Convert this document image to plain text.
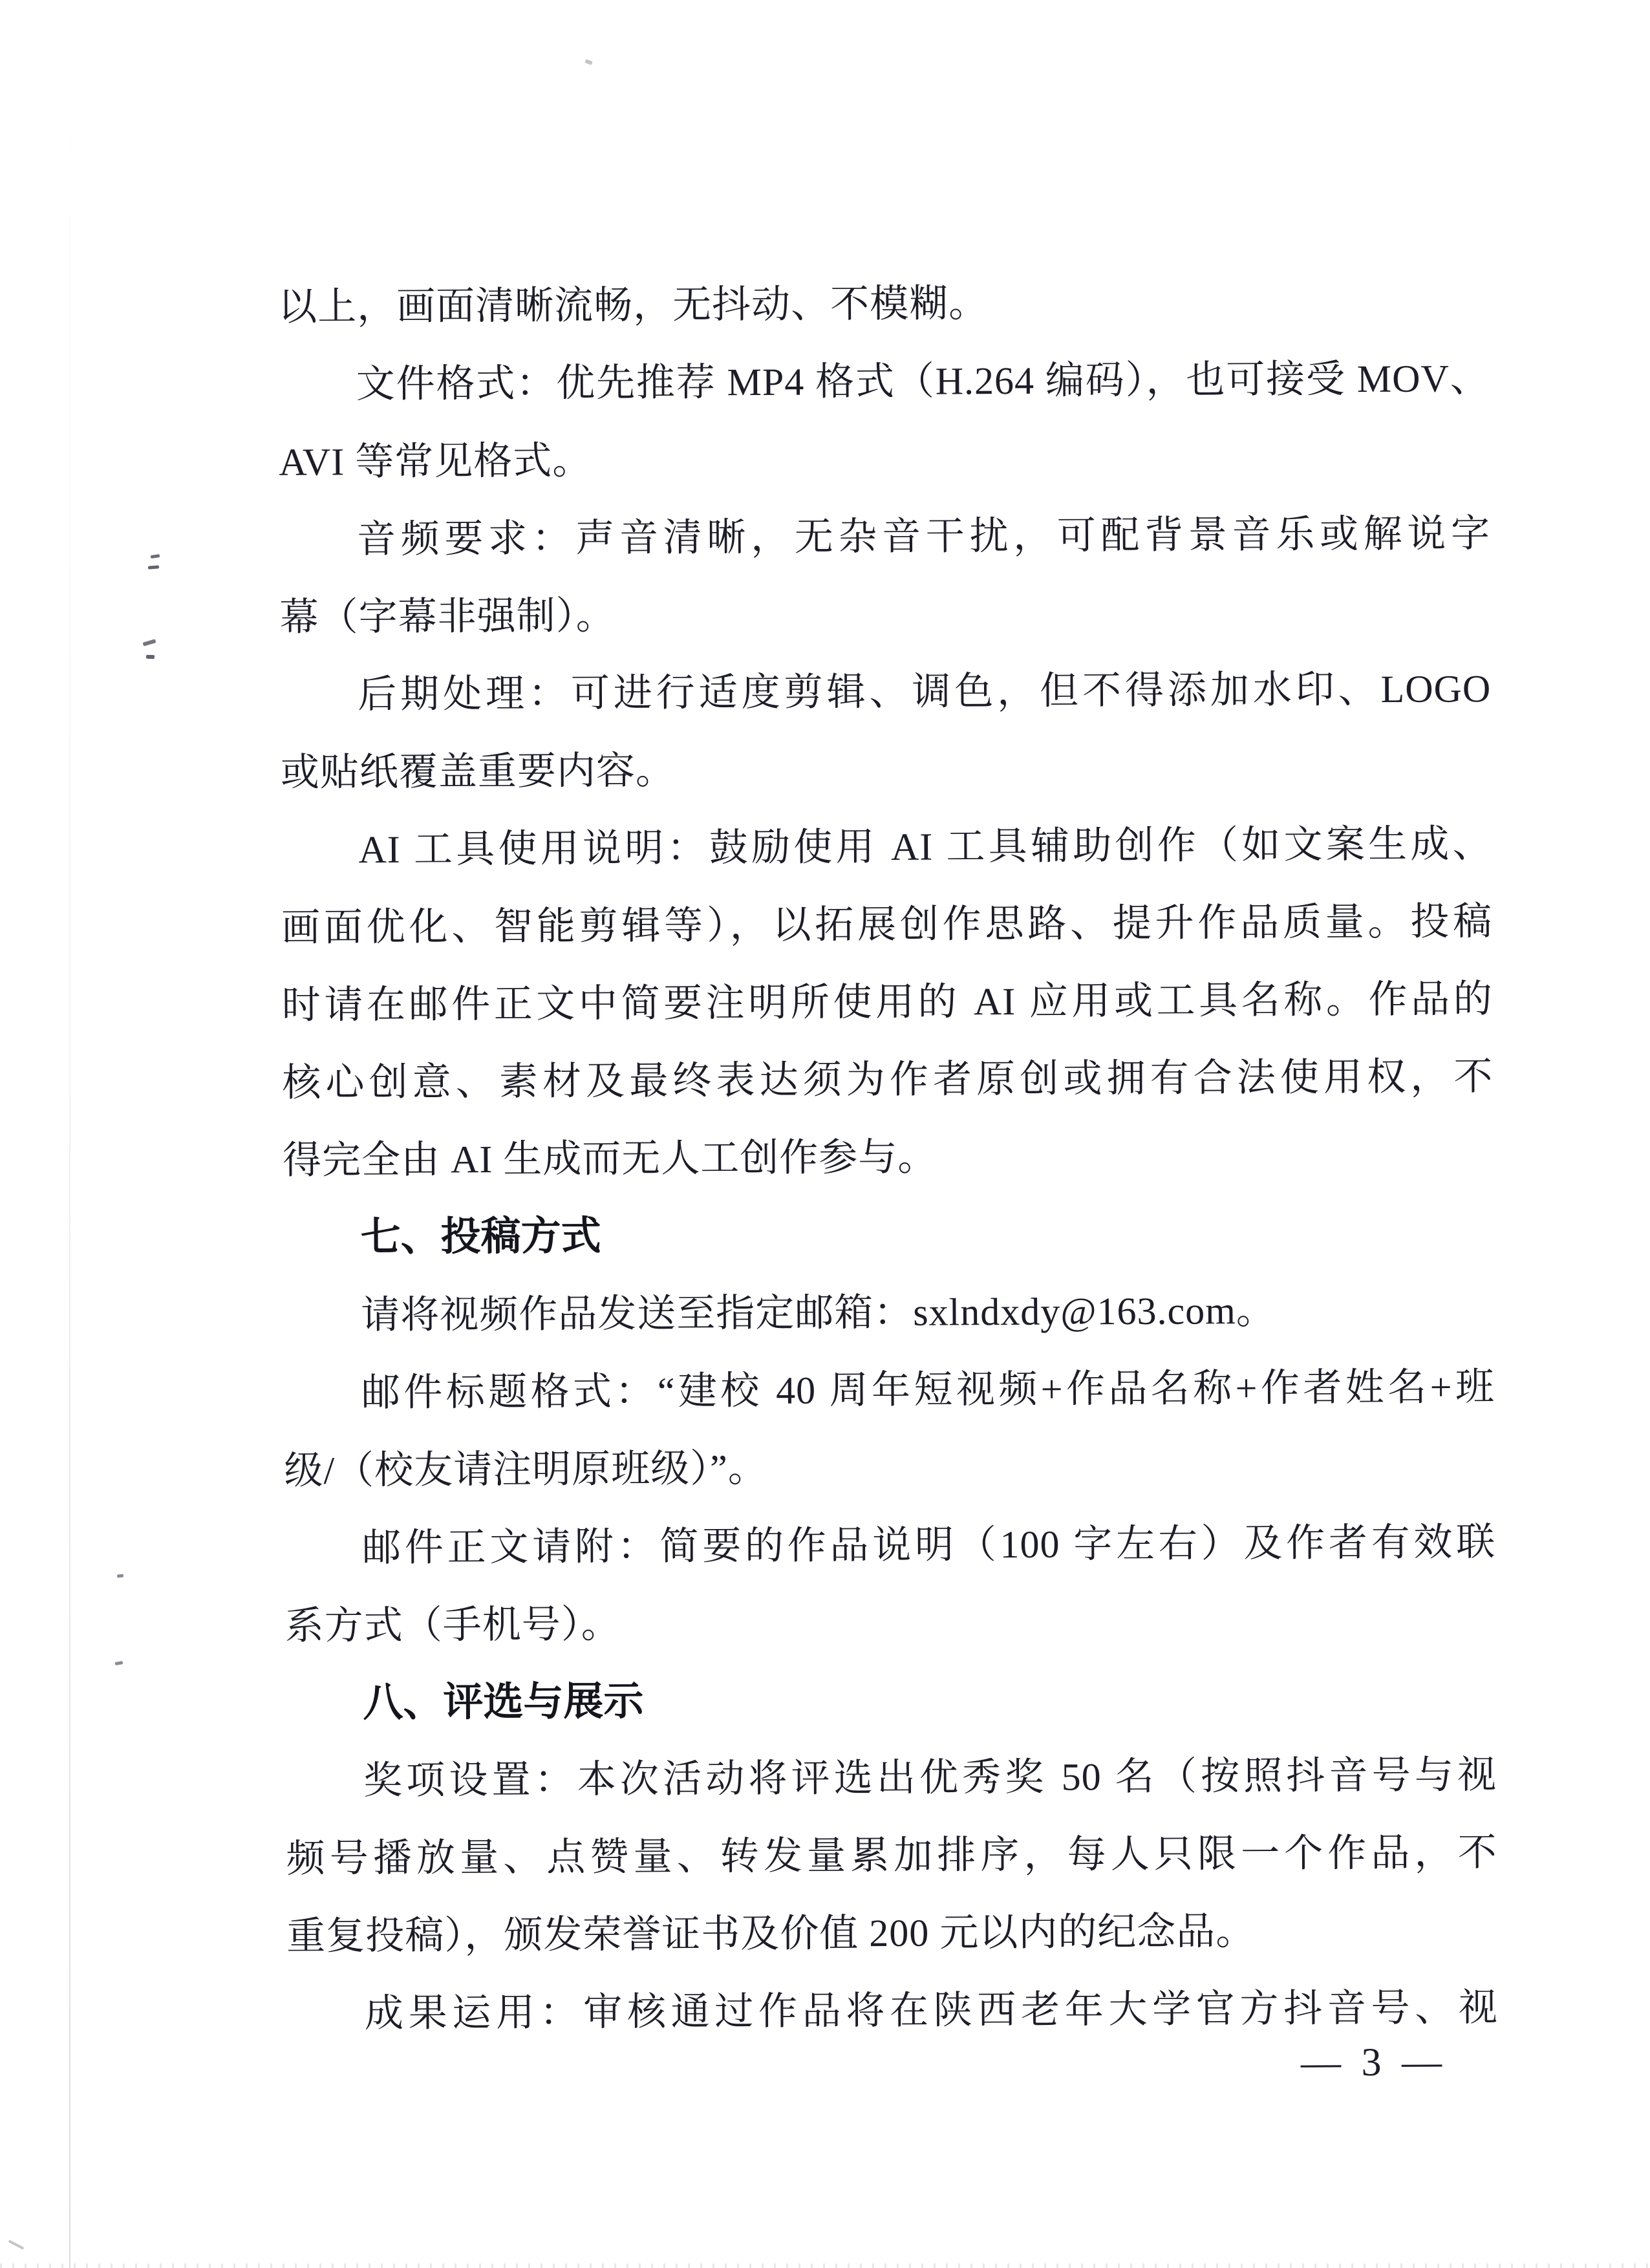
以上，画面清晰流畅，无抖动、不模糊。
文件格式：优先推荐 MP4 格式（H.264 编码），也可接受 MOV、
AVI 等常见格式。
音频要求：声音清晰，无杂音干扰，可配背景音乐或解说字
幕（字幕非强制）。
后期处理：可进行适度剪辑、调色，但不得添加水印、LOGO
或贴纸覆盖重要内容。
AI 工具使用说明：鼓励使用 AI 工具辅助创作（如文案生成、
画面优化、智能剪辑等），以拓展创作思路、提升作品质量。投稿
时请在邮件正文中简要注明所使用的 AI 应用或工具名称。作品的
核心创意、素材及最终表达须为作者原创或拥有合法使用权，不
得完全由 AI 生成而无人工创作参与。
七、投稿方式
请将视频作品发送至指定邮箱：sxlndxdy@163.com。
邮件标题格式：“建校 40 周年短视频+作品名称+作者姓名+班
级/（校友请注明原班级）”。
邮件正文请附：简要的作品说明（100 字左右）及作者有效联
系方式（手机号）。
八、评选与展示
奖项设置：本次活动将评选出优秀奖 50 名（按照抖音号与视
频号播放量、点赞量、转发量累加排序，每人只限一个作品，不
重复投稿），颁发荣誉证书及价值 200 元以内的纪念品。
成果运用：审核通过作品将在陕西老年大学官方抖音号、视
— 3 —
